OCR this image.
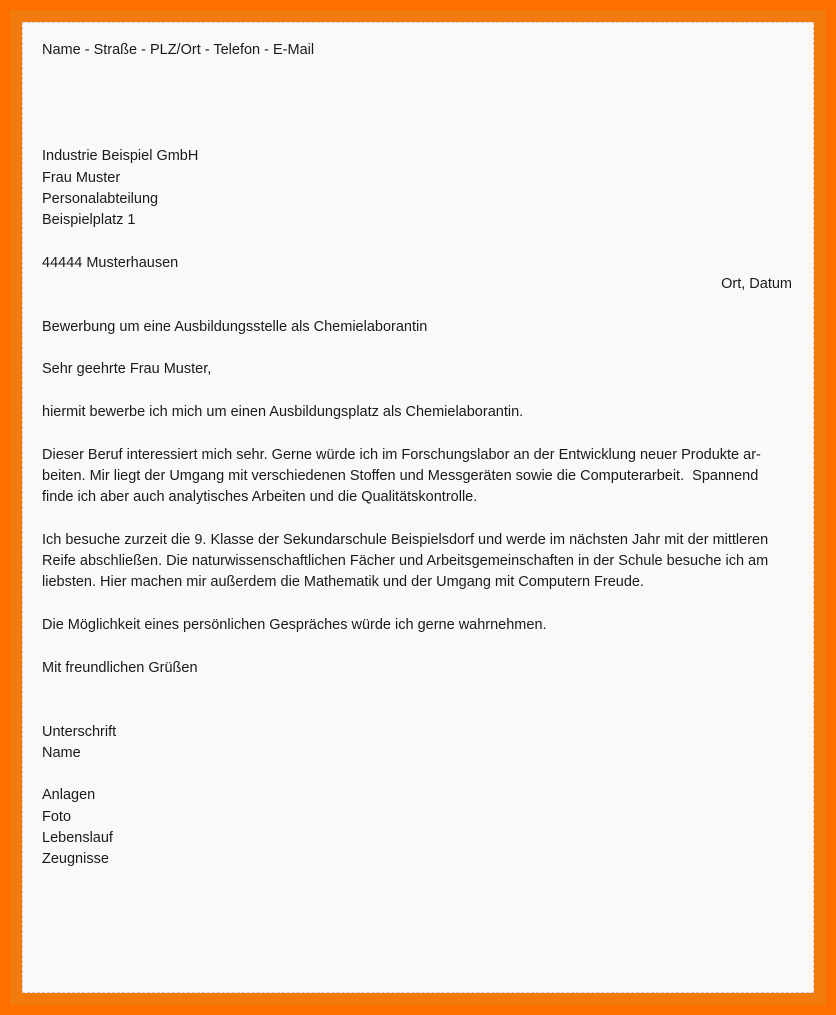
Name - Straße - PLZ/Ort - Telefon - E-Mail
Industrie Beispiel GmbH
Frau Muster
Personalabteilung
Beispielplatz 1
44444 Musterhausen
Ort, Datum
Bewerbung um eine Ausbildungsstelle als Chemielaborantin
Sehr geehrte Frau Muster,
hiermit bewerbe ich mich um einen Ausbildungsplatz als Chemielaborantin.
Dieser Beruf interessiert mich sehr. Gerne würde ich im Forschungslabor an der Entwicklung neuer Produkte ar-
beiten. Mir liegt der Umgang mit verschiedenen Stoffen und Messgeräten sowie die Computerarbeit.  Spannend
finde ich aber auch analytisches Arbeiten und die Qualitätskontrolle.
Ich besuche zurzeit die 9. Klasse der Sekundarschule Beispielsdorf und werde im nächsten Jahr mit der mittleren
Reife abschließen. Die naturwissenschaftlichen Fächer und Arbeitsgemeinschaften in der Schule besuche ich am
liebsten. Hier machen mir außerdem die Mathematik und der Umgang mit Computern Freude.
Die Möglichkeit eines persönlichen Gespräches würde ich gerne wahrnehmen.
Mit freundlichen Grüßen
Unterschrift
Name
Anlagen
Foto
Lebenslauf
Zeugnisse
